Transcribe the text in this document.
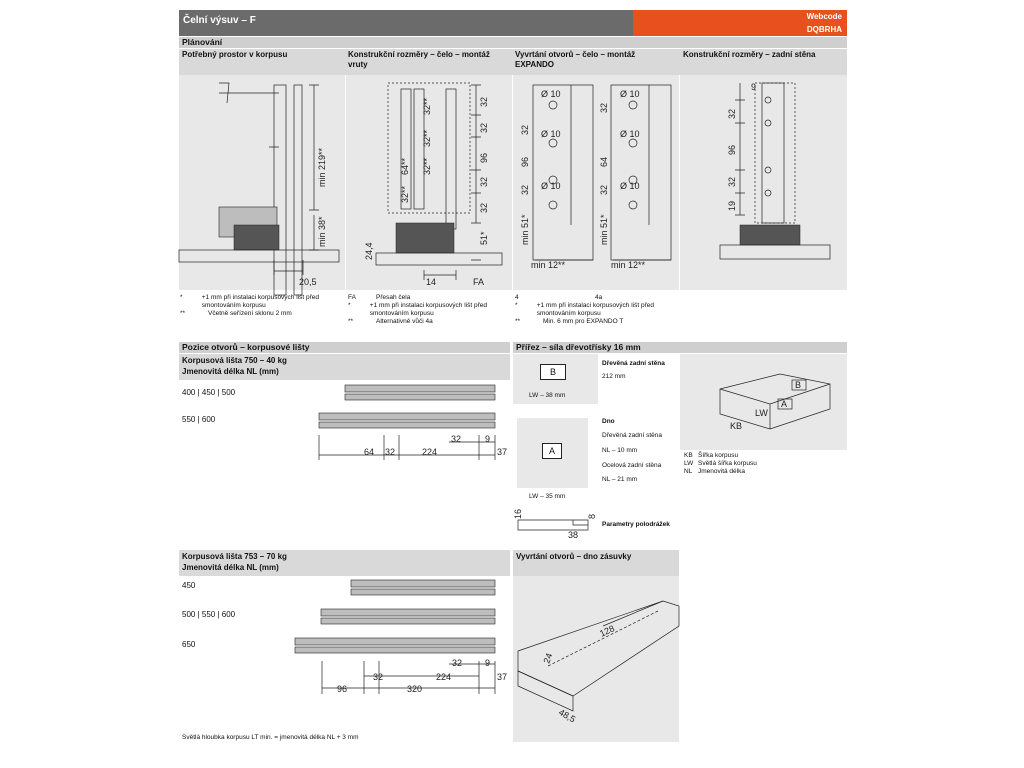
Čelní výsuv – F	Webcode
DQBRHA
Plánování
Potřebný prostor v korpusu	Konstrukční rozměry – čelo – montáž vruty
Vyvrtání otvorů – čelo – montáž EXPANDO
Konstrukční rozměry – zadní stěna
min 219**
min 38*
20,5
32
32
96
32
32
51*
24,4
32**
32**
64**
32**
32**
14	FA
Ø 10
Ø 10
Ø 10
Ø 10
Ø 10
Ø 10
32
96
32
min 51*
32
64
32
min 51*
min 12**	min 12**
9
32
96
32
19
*	+1 mm při instalaci korpusových lišt před smontováním korpusu
**	Včetně seřízení sklonu 2 mm
FA	Přesah čela
*	+1 mm při instalaci korpusových lišt před smontováním korpusu
**	Alternativně vůči 4a
4	4a
*	+1 mm při instalaci korpusových lišt před smontováním korpusu
**	Min. 6 mm pro EXPANDO T
Pozice otvorů – korpusové lišty
Korpusová lišta 750 – 40 kg
Jmenovitá délka NL (mm)
400 | 450 | 500
550 | 600
64 32	224
32	9
37
Přířez – síla dřevotřísky 16 mm
B
LW – 38 mm
Dřevěná zadní stěna
212 mm
A
LW – 35 mm
Dno
Dřevěná zadní stěna
NL – 10 mm
Ocelová zadní stěna
NL – 21 mm
16	8
38
Parametry polodrážek
B
A
LW
KB
KB Šířka korpusu
LW Světlá šířka korpusu
NL Jmenovitá délka
Korpusová lišta 753 – 70 kg
Jmenovitá délka NL (mm)
450
500 | 550 | 600
650
96
32
320
224
32	9
37
Světlá hloubka korpusu LT min. = jmenovitá délka NL + 3 mm
Vyvrtání otvorů – dno zásuvky
128
24
48,5
